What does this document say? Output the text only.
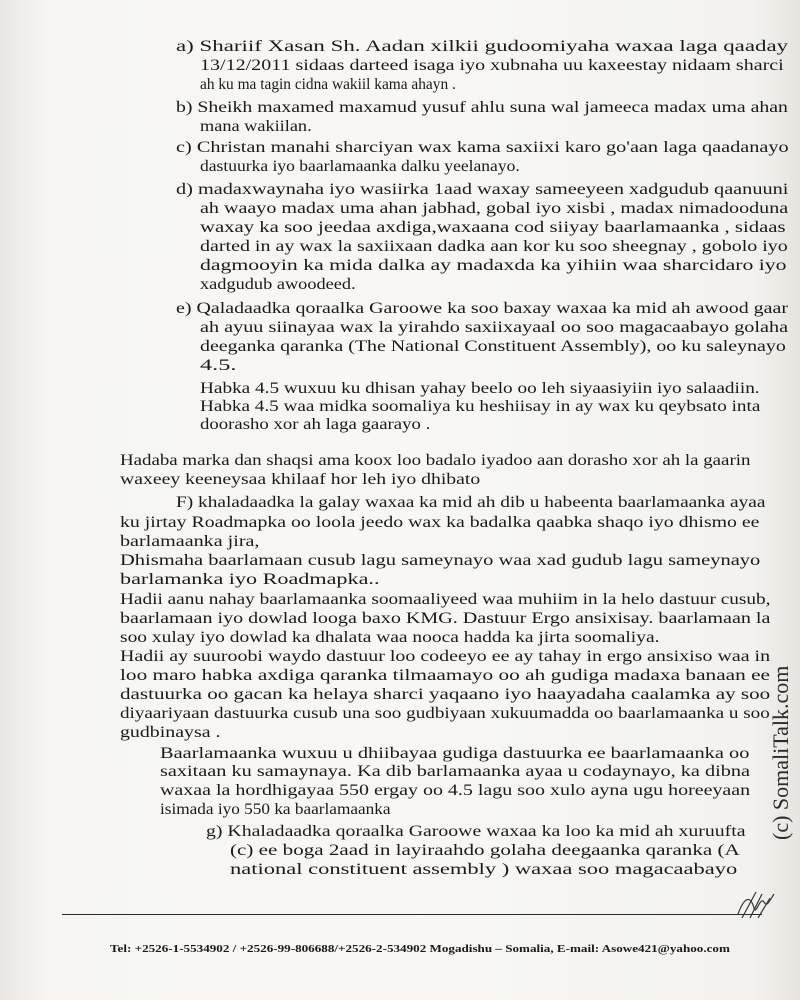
a) Shariif Xasan Sh. Aadan xilkii gudoomiyaha waxaa laga qaaday
13/12/2011 sidaas darteed isaga iyo xubnaha uu kaxeestay nidaam sharci
ah ku ma tagin cidna wakiil kama ahayn .
b) Sheikh maxamed maxamud yusuf ahlu suna wal jameeca madax uma ahan
mana wakiilan.
c) Christan manahi sharciyan wax kama saxiixi karo go'aan laga qaadanayo
dastuurka iyo baarlamaanka dalku yeelanayo.
d) madaxwaynaha iyo wasiirka 1aad waxay sameeyeen xadgudub qaanuuni
ah waayo madax uma ahan jabhad, gobal iyo xisbi , madax nimadooduna
waxay ka soo jeedaa axdiga,waxaana cod siiyay baarlamaanka , sidaas
darted in ay wax la saxiixaan dadka aan kor ku soo sheegnay , gobolo iyo
dagmooyin ka mida dalka ay madaxda ka yihiin waa sharcidaro iyo
xadgudub awoodeed.
e) Qaladaadka qoraalka Garoowe ka soo baxay waxaa ka mid ah awood gaar
ah ayuu siinayaa wax la yirahdo saxiixayaal oo soo magacaabayo golaha
deeganka qaranka (The National Constituent Assembly), oo ku saleynayo
4.5.
Habka 4.5 wuxuu ku dhisan yahay beelo oo leh siyaasiyiin iyo salaadiin.
Habka 4.5 waa midka soomaliya ku heshiisay in ay wax ku qeybsato inta
doorasho xor ah laga gaarayo .
Hadaba marka dan shaqsi ama koox loo badalo iyadoo aan dorasho xor ah la gaarin
waxeey keeneysaa khilaaf hor leh iyo dhibato
F) khaladaadka la galay waxaa ka mid ah dib u habeenta baarlamaanka ayaa
ku jirtay Roadmapka oo loola jeedo wax ka badalka qaabka shaqo iyo dhismo ee
barlamaanka jira,
Dhismaha baarlamaan cusub lagu sameynayo waa xad gudub lagu sameynayo
barlamanka iyo Roadmapka..
Hadii aanu nahay baarlamaanka soomaaliyeed waa muhiim in la helo dastuur cusub,
baarlamaan iyo dowlad looga baxo KMG. Dastuur Ergo ansixisay. baarlamaan la
soo xulay iyo dowlad ka dhalata waa nooca hadda ka jirta soomaliya.
Hadii ay suuroobi waydo dastuur loo codeeyo ee ay tahay in ergo ansixiso waa in
loo maro habka axdiga qaranka tilmaamayo oo ah gudiga madaxa banaan ee
dastuurka oo gacan ka helaya sharci yaqaano iyo haayadaha caalamka ay soo
diyaariyaan dastuurka cusub una soo gudbiyaan xukuumadda oo baarlamaanka u soo
gudbinaysa .
Baarlamaanka wuxuu u dhiibayaa gudiga dastuurka ee baarlamaanka oo
saxitaan ku samaynaya. Ka dib barlamaanka ayaa u codaynayo, ka dibna
waxaa la hordhigayaa 550 ergay oo 4.5 lagu soo xulo ayna ugu horeeyaan
isimada iyo 550 ka baarlamaanka
g) Khaladaadka qoraalka Garoowe waxaa ka loo ka mid ah xuruufta
(c) ee boga 2aad in layiraahdo golaha deegaanka qaranka (A
national constituent assembly ) waxaa soo magacaabayo
(c) SomaliTalk.com
Tel: +2526-1-5534902 / +2526-99-806688/+2526-2-534902 Mogadishu – Somalia, E-mail: Asowe421@yahoo.com
